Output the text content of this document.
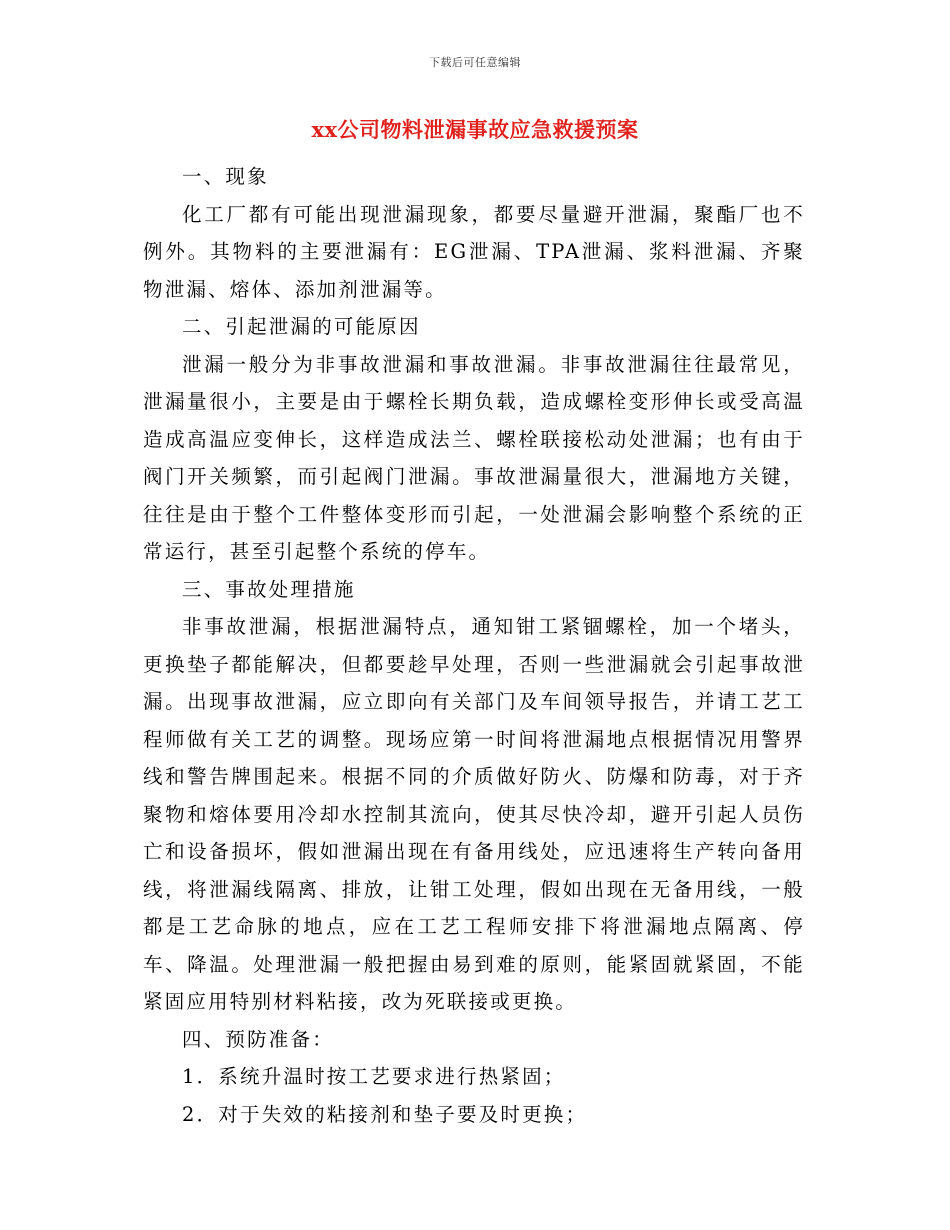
下载后可任意编辑
xx公司物料泄漏事故应急救援预案

一、现象

化工厂都有可能出现泄漏现象，都要尽量避开泄漏，聚酯厂也不例外。其物料的主要泄漏有：EG泄漏、TPA泄漏、浆料泄漏、齐聚物泄漏、熔体、添加剂泄漏等。

二、引起泄漏的可能原因

泄漏一般分为非事故泄漏和事故泄漏。非事故泄漏往往最常见，泄漏量很小，主要是由于螺栓长期负载，造成螺栓变形伸长或受高温造成高温应变伸长，这样造成法兰、螺栓联接松动处泄漏；也有由于阀门开关频繁，而引起阀门泄漏。事故泄漏量很大，泄漏地方关键，往往是由于整个工件整体变形而引起，一处泄漏会影响整个系统的正常运行，甚至引起整个系统的停车。

三、事故处理措施

非事故泄漏，根据泄漏特点，通知钳工紧锢螺栓，加一个堵头，更换垫子都能解决，但都要趁早处理，否则一些泄漏就会引起事故泄漏。出现事故泄漏，应立即向有关部门及车间领导报告，并请工艺工程师做有关工艺的调整。现场应第一时间将泄漏地点根据情况用警界线和警告牌围起来。根据不同的介质做好防火、防爆和防毒，对于齐聚物和熔体要用冷却水控制其流向，使其尽快冷却，避开引起人员伤亡和设备损坏，假如泄漏出现在有备用线处，应迅速将生产转向备用线，将泄漏线隔离、排放，让钳工处理，假如出现在无备用线，一般都是工艺命脉的地点，应在工艺工程师安排下将泄漏地点隔离、停车、降温。处理泄漏一般把握由易到难的原则，能紧固就紧固，不能紧固应用特别材料粘接，改为死联接或更换。

四、预防准备：

1．系统升温时按工艺要求进行热紧固；

2．对于失效的粘接剂和垫子要及时更换；
